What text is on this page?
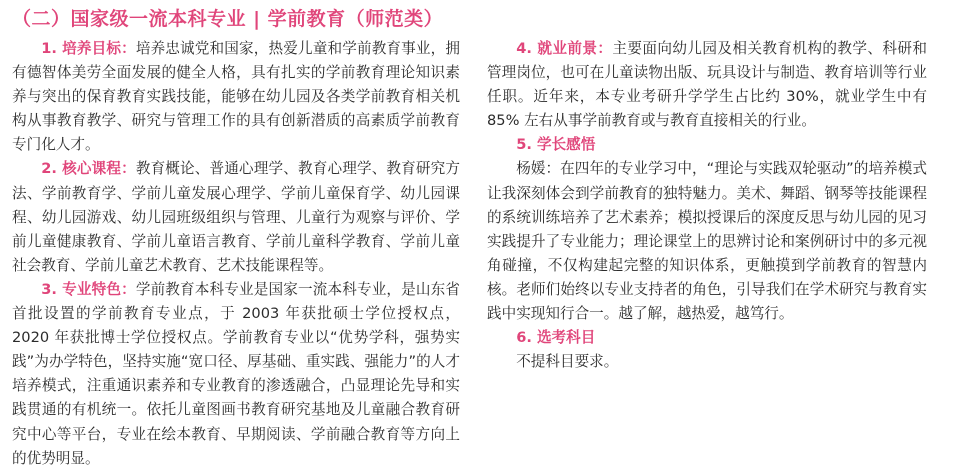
（二）国家级一流本科专业 | 学前教育（师范类）

1. 培养目标：培养忠诚党和国家，热爱儿童和学前教育事业，拥有德智体美劳全面发展的健全人格，具有扎实的学前教育理论知识素养与突出的保育教育实践技能，能够在幼儿园及各类学前教育相关机构从事教育教学、研究与管理工作的具有创新潜质的高素质学前教育专门化人才。

2. 核心课程：教育概论、普通心理学、教育心理学、教育研究方法、学前教育学、学前儿童发展心理学、学前儿童保育学、幼儿园课程、幼儿园游戏、幼儿园班级组织与管理、儿童行为观察与评价、学前儿童健康教育、学前儿童语言教育、学前儿童科学教育、学前儿童社会教育、学前儿童艺术教育、艺术技能课程等。

3. 专业特色：学前教育本科专业是国家一流本科专业，是山东省首批设置的学前教育专业点，于 2003 年获批硕士学位授权点，2020 年获批博士学位授权点。学前教育专业以“优势学科，强势实践”为办学特色，坚持实施“宽口径、厚基础、重实践、强能力”的人才培养模式，注重通识素养和专业教育的渗透融合，凸显理论先导和实践贯通的有机统一。依托儿童图画书教育研究基地及儿童融合教育研究中心等平台，专业在绘本教育、早期阅读、学前融合教育等方向上的优势明显。

4. 就业前景：主要面向幼儿园及相关教育机构的教学、科研和管理岗位，也可在儿童读物出版、玩具设计与制造、教育培训等行业任职。近年来，本专业考研升学学生占比约 30%，就业学生中有 85% 左右从事学前教育或与教育直接相关的行业。

5. 学长感悟

杨媛：在四年的专业学习中，“理论与实践双轮驱动”的培养模式让我深刻体会到学前教育的独特魅力。美术、舞蹈、钢琴等技能课程的系统训练培养了艺术素养；模拟授课后的深度反思与幼儿园的见习实践提升了专业能力；理论课堂上的思辨讨论和案例研讨中的多元视角碰撞，不仅构建起完整的知识体系，更触摸到学前教育的智慧内核。老师们始终以专业支持者的角色，引导我们在学术研究与教育实践中实现知行合一。越了解，越热爱，越笃行。

6. 选考科目

不提科目要求。
